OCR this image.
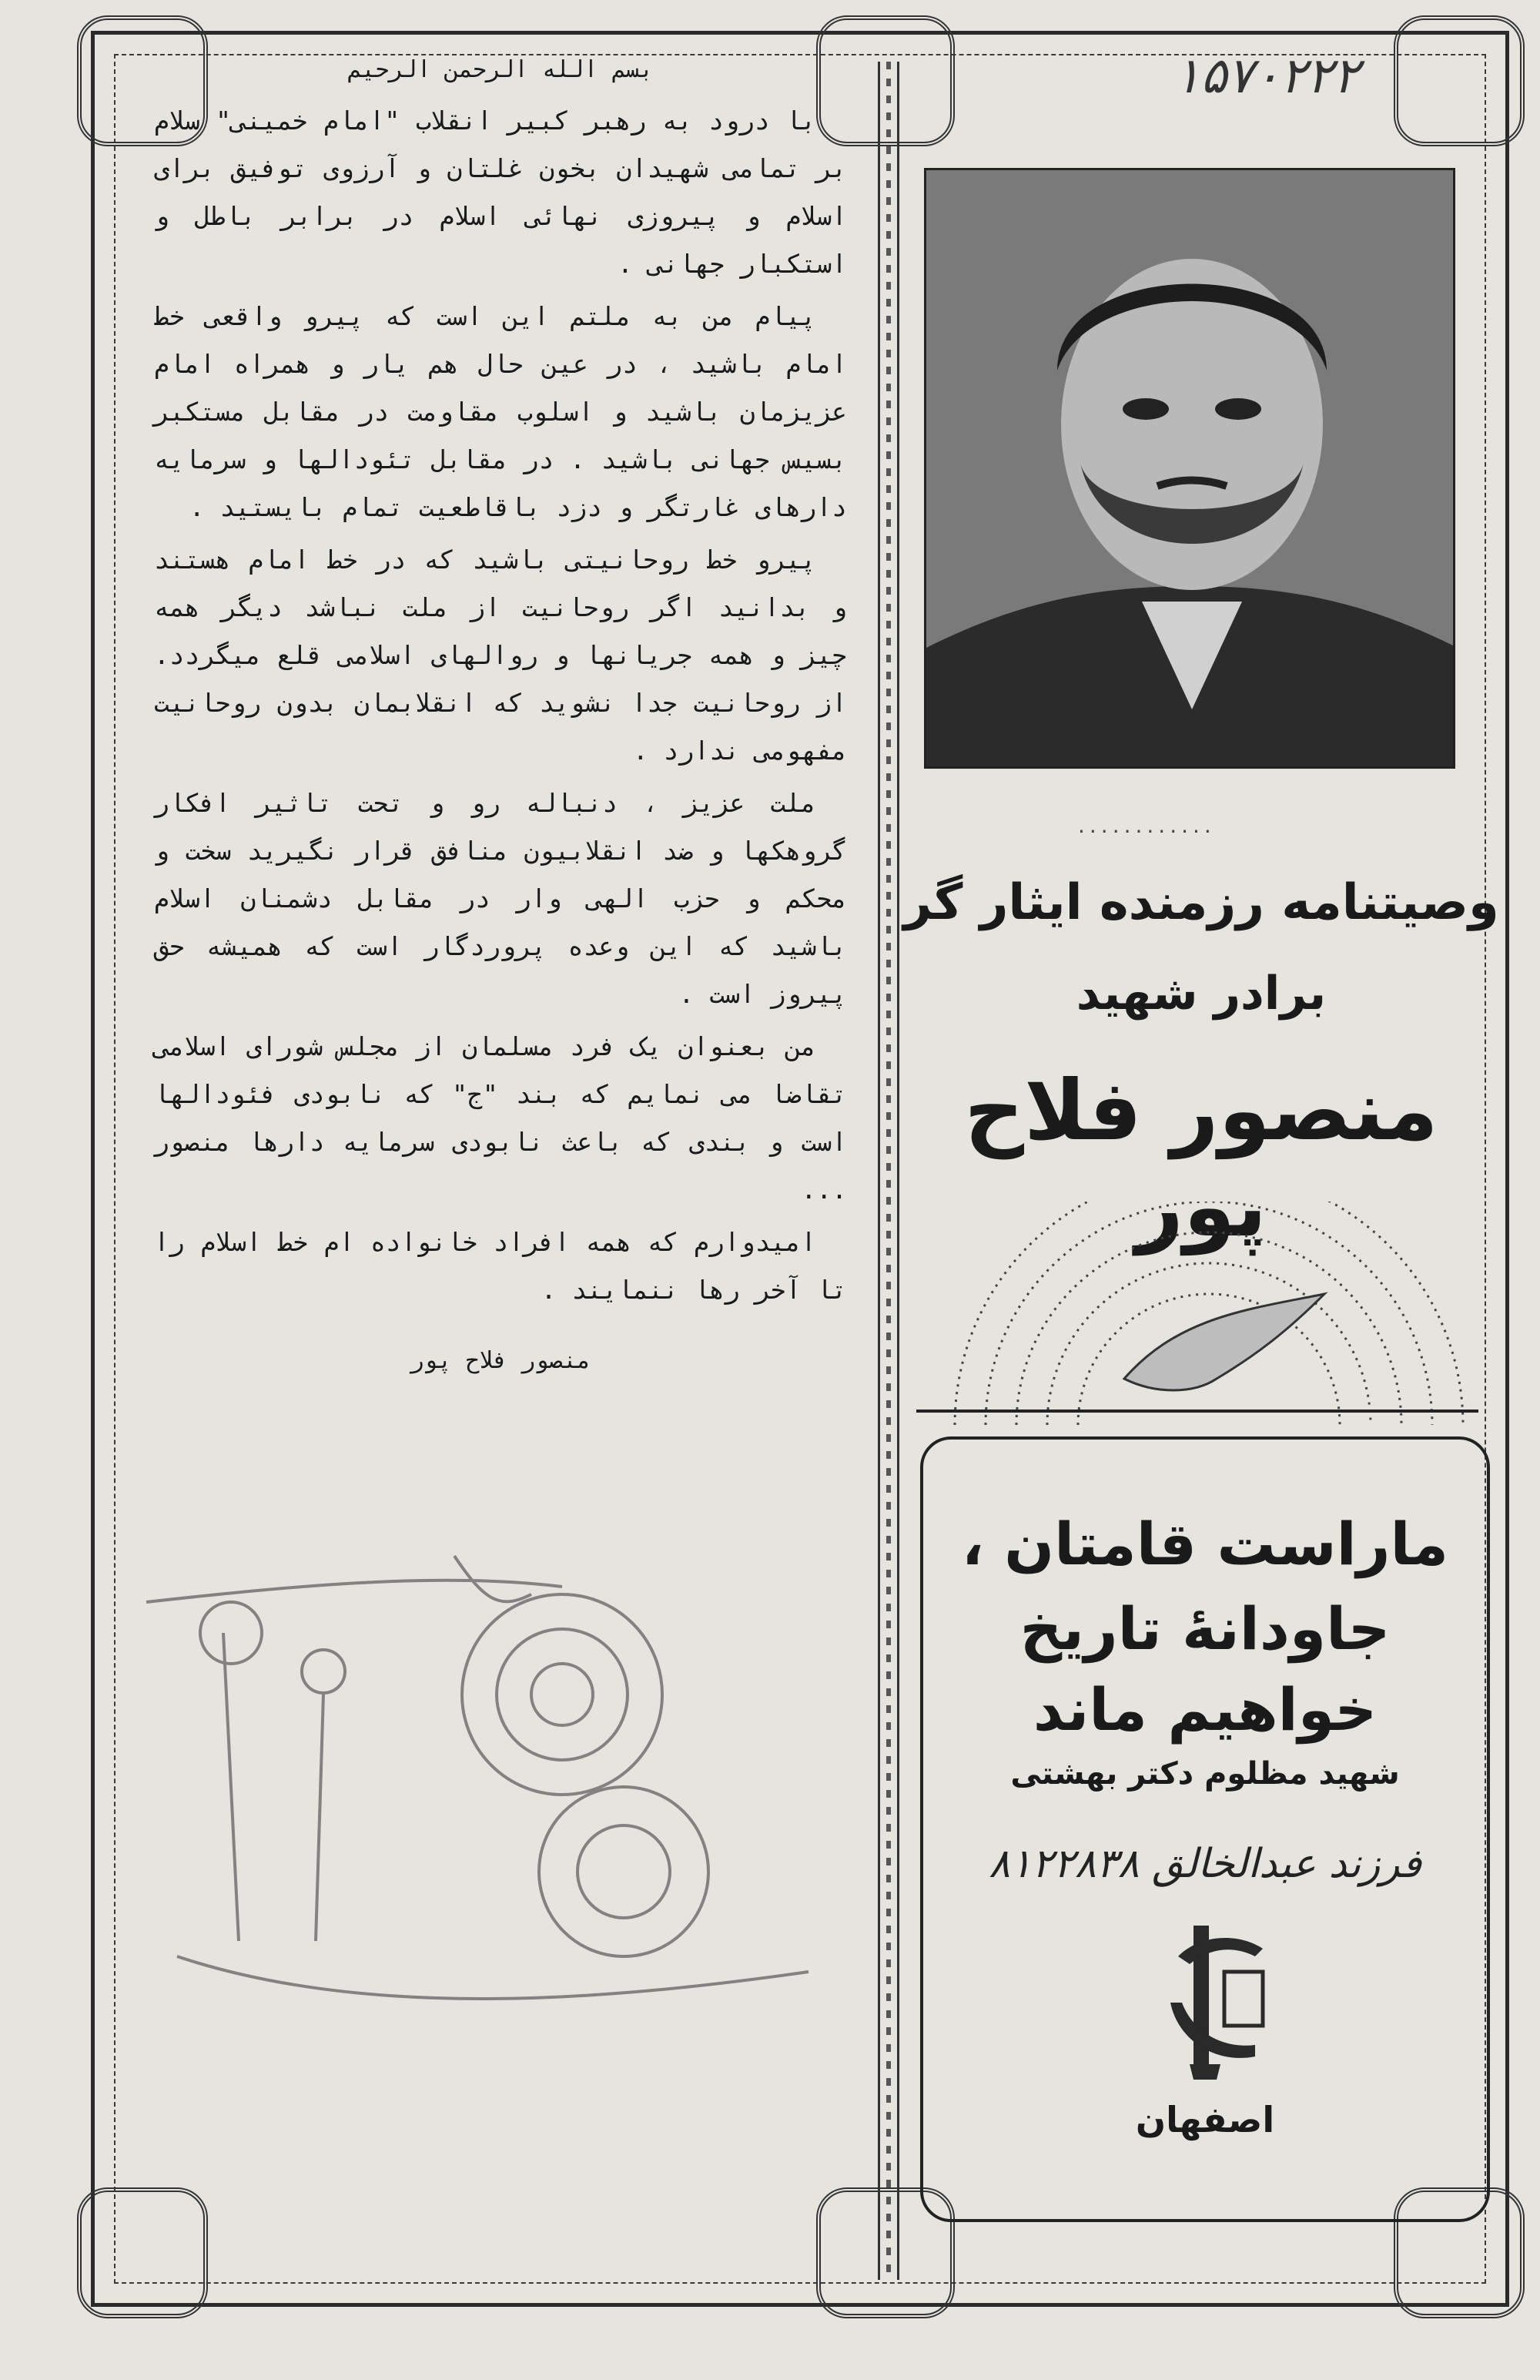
بسم الله الرحمن الرحیم

با درود به رهبر کبیر انقلاب "امام خمینی" سلام بر تمامی شهیدان بخون غلتان و آرزوی توفیق برای اسلام و پیروزی نهائی اسلام در برابر باطل و استکبار جهانی .

پیام من به ملتم این است که پیرو واقعی خط امام باشید ، در عین حال هم یار و همراه امام عزیزمان باشید و اسلوب مقاومت در مقابل مستکبر بسیس جهانی باشید . در مقابل تئودالها و سرمایه دارهای غارتگر و دزد باقاطعیت تمام بایستید .

پیرو خط روحانیتی باشید که در خط امام هستند و بدانید اگر روحانیت از ملت نباشد دیگر همه چیز و همه جریانها و روالهای اسلامی قلع میگردد. از روحانیت جدا نشوید که انقلابمان بدون روحانیت مفهومی ندارد .

ملت عزیز ، دنباله رو و تحت تاثیر افکار گروهکها و ضد انقلابیون منافق قرار نگیرید سخت و محکم و حزب الهی وار در مقابل دشمنان اسلام باشید که این وعده پروردگار است که همیشه حق پیروز است .

من بعنوان یک فرد مسلمان از مجلس شورای اسلامی تقاضا می نمایم که بند "ج" که نابودی فئودالها است و بندی که باعث نابودی سرمایه دارها منصور ...

امیدوارم که همه افراد خانواده ام خط اسلام را تا آخر رها ننمایند .

منصور فلاح پور
۱۵۷۰۲۲۲
............
وصیتنامه رزمنده ایثار گر
برادر شهید
منصور فلاح پور
ماراست قامتان ،
جاودانهٔ تاریخ
خواهیم ماند
شهید مظلوم دکتر بهشتی
فرزند عبدالخالق ۸۱۲۲۸۳۸
اصفهان
